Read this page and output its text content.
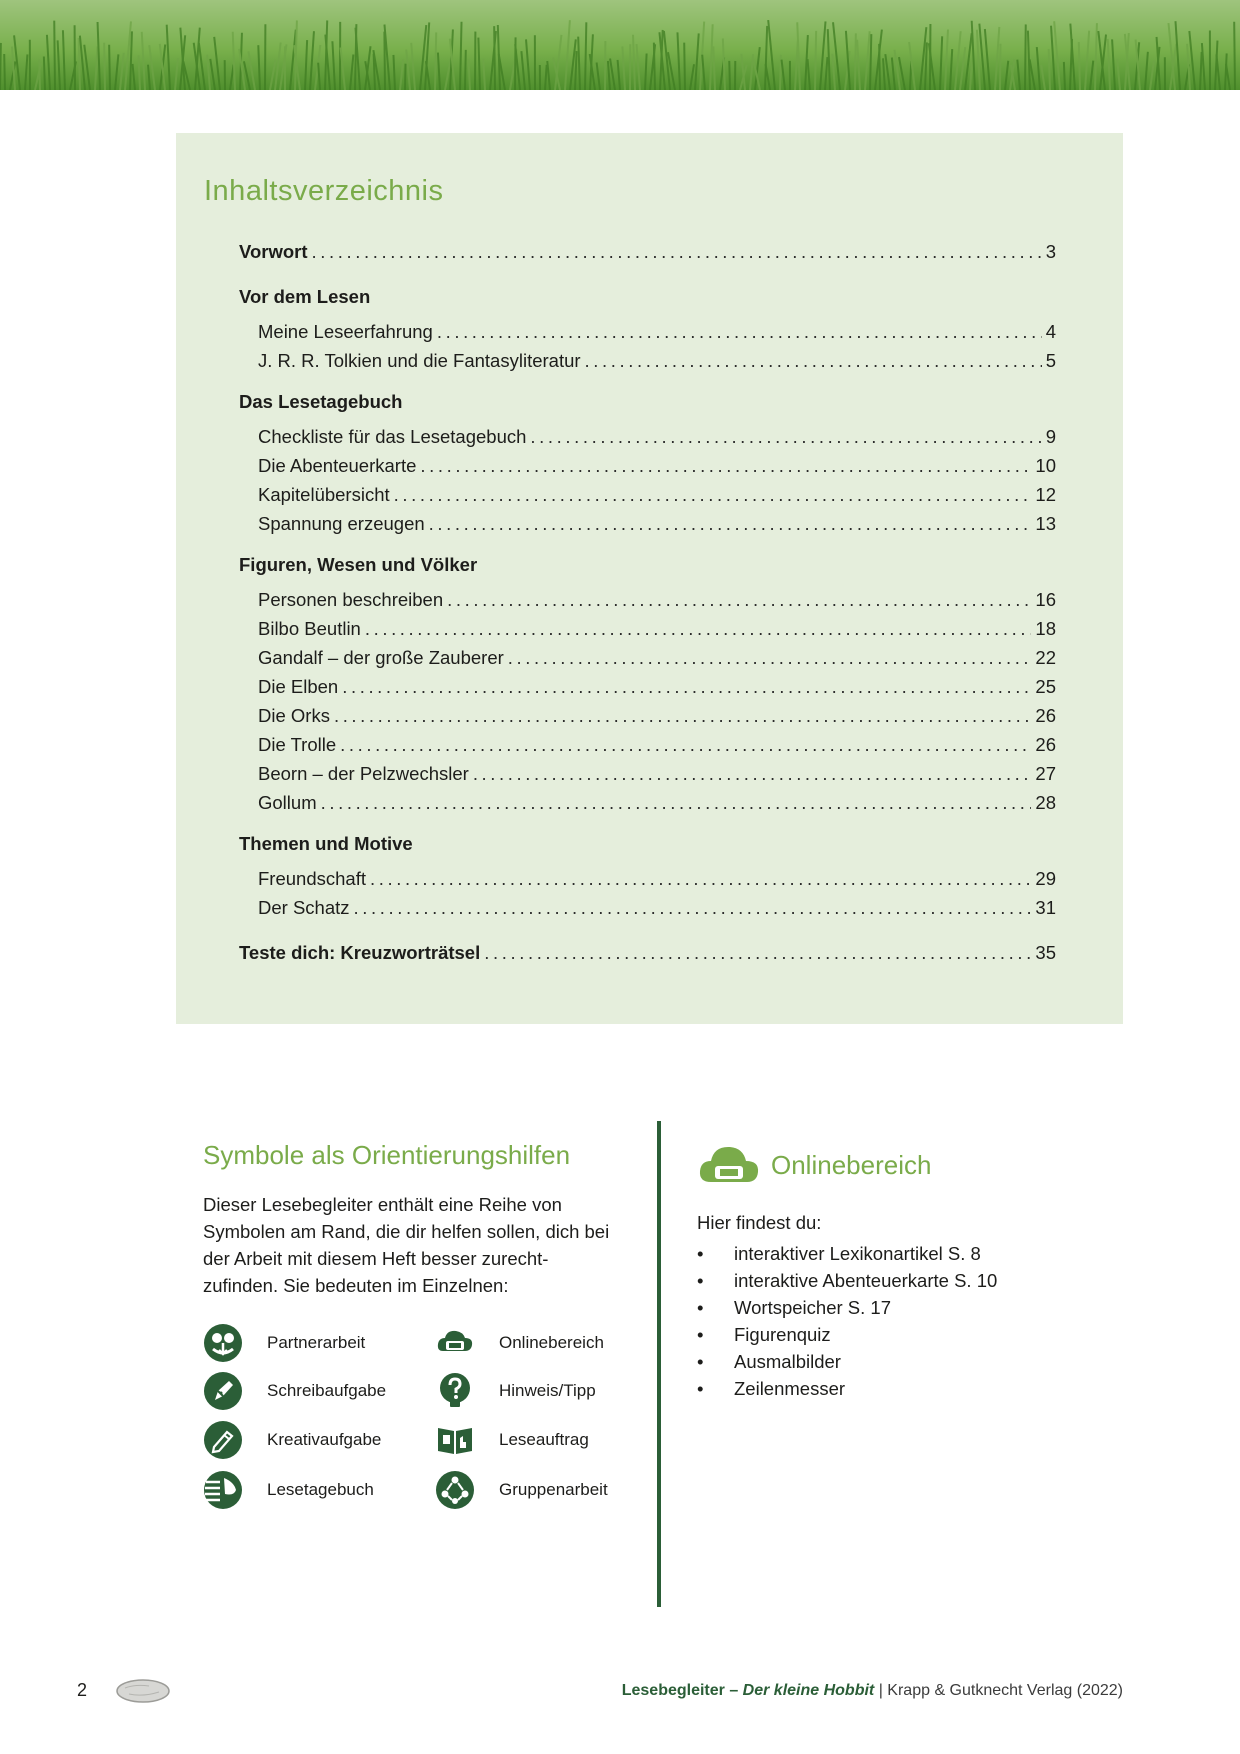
Inhaltsverzeichnis
Vorwort .....	3
Vor dem Lesen
Meine Leseerfahrung .....	4
J. R. R. Tolkien und die Fantasyliteratur .....	5
Das Lesetagebuch
Checkliste für das Lesetagebuch .....	9
Die Abenteuerkarte .....	10
Kapitelübersicht .....	12
Spannung erzeugen .....	13
Figuren, Wesen und Völker
Personen beschreiben .....	16
Bilbo Beutlin .....	18
Gandalf – der große Zauberer .....	22
Die Elben .....	25
Die Orks .....	26
Die Trolle .....	26
Beorn – der Pelzwechsler .....	27
Gollum .....	28
Themen und Motive
Freundschaft .....	29
Der Schatz .....	31
Teste dich: Kreuzworträtsel .....	35
Symbole als Orientierungshilfen

Dieser Lesebegleiter enthält eine Reihe von Symbolen am Rand, die dir helfen sollen, dich bei der Arbeit mit diesem Heft besser zurecht-zufinden. Sie bedeuten im Einzelnen:

Partnerarbeit	Onlinebereich
Schreibaufgabe	Hinweis/Tipp
Kreativaufgabe	Leseauftrag
Lesetagebuch	Gruppenarbeit
Onlinebereich

Hier findest du:

• interaktiver Lexikonartikel S. 8
• interaktive Abenteuerkarte S. 10
• Wortspeicher S. 17
• Figurenquiz
• Ausmalbilder
• Zeilenmesser
2	Lesebegleiter – Der kleine Hobbit | Krapp & Gutknecht Verlag (2022)
